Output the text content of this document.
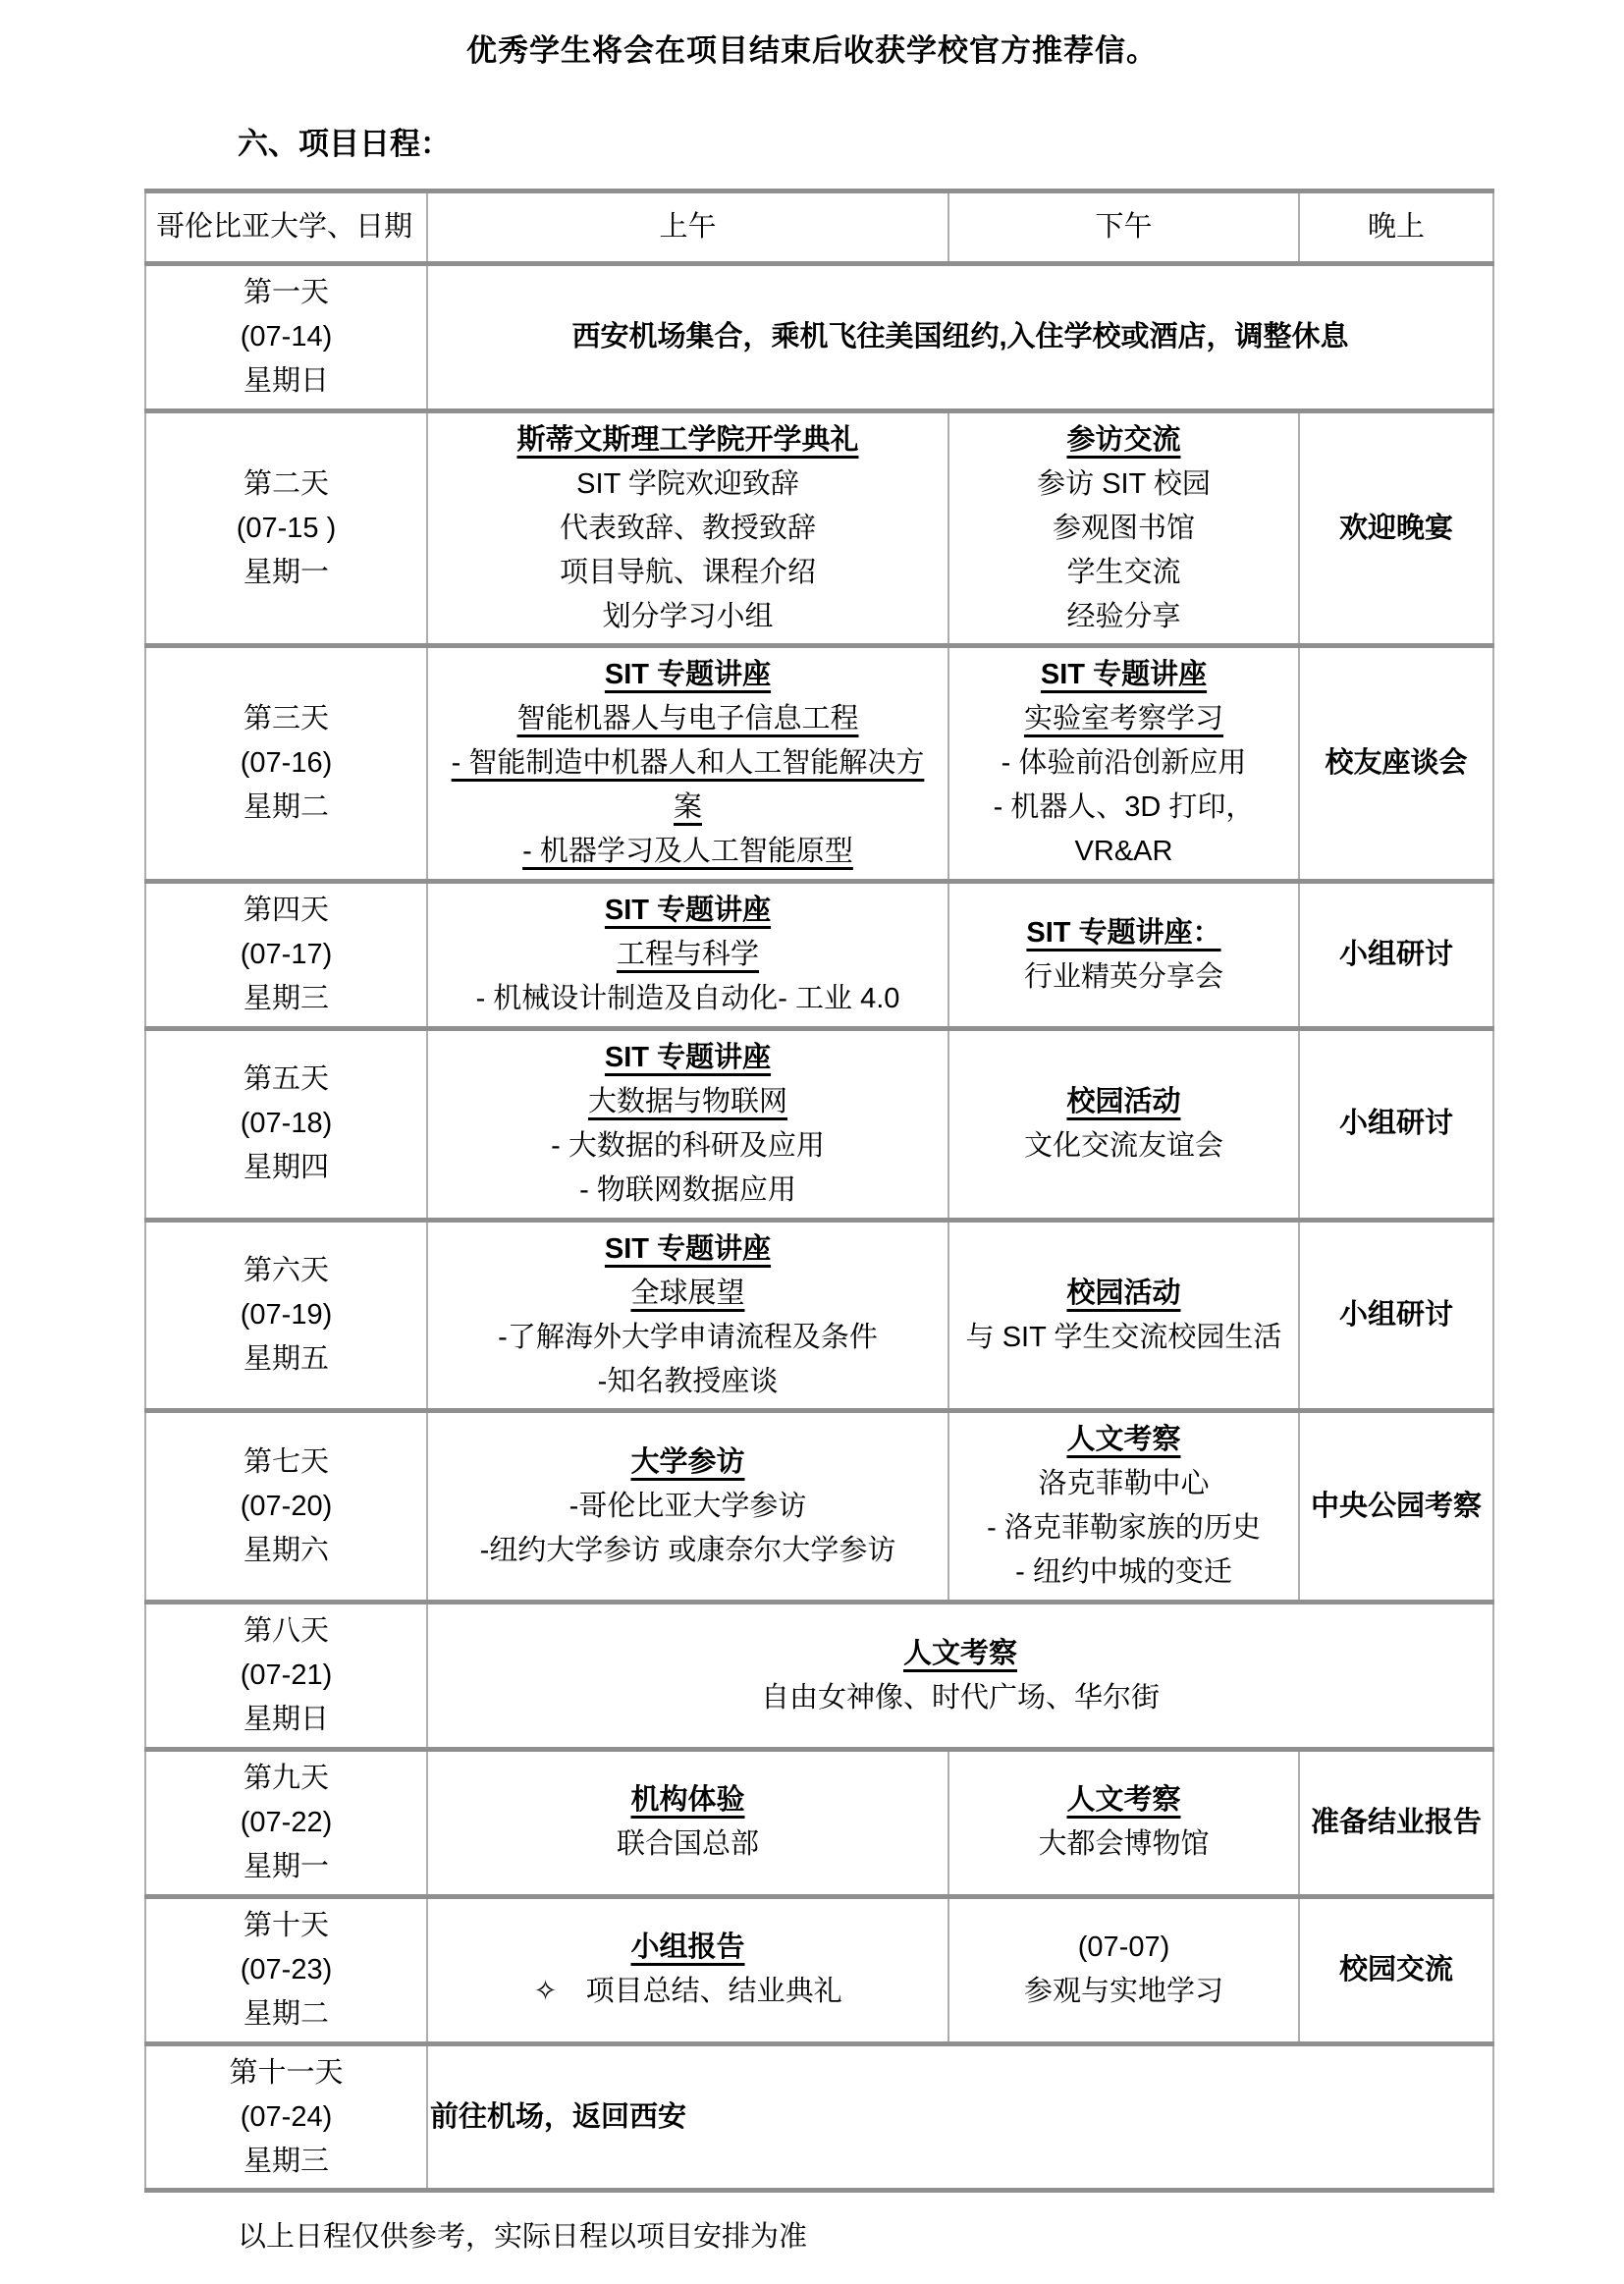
优秀学生将会在项目结束后收获学校官方推荐信。
六、项目日程：
哥伦比亚大学、日期	上午	下午	晚上

第一天
(07-14)
星期日	西安机场集合，乘机飞往美国纽约,入住学校或酒店，调整休息		

第二天
(07-15 )
星期一	斯蒂文斯理工学院开学典礼
SIT 学院欢迎致辞
代表致辞、教授致辞
项目导航、课程介绍
划分学习小组	参访交流
参访 SIT 校园
参观图书馆
学生交流
经验分享	欢迎晚宴

第三天
(07-16)
星期二	SIT 专题讲座
智能机器人与电子信息工程
- 智能制造中机器人和人工智能解决方
案
- 机器学习及人工智能原型	SIT 专题讲座
实验室考察学习
- 体验前沿创新应用
- 机器人、3D 打印，
VR&AR	校友座谈会

第四天
(07-17)
星期三	SIT 专题讲座
工程与科学
- 机械设计制造及自动化- 工业 4.0	SIT 专题讲座：
行业精英分享会	小组研讨

第五天
(07-18)
星期四	SIT 专题讲座
大数据与物联网
- 大数据的科研及应用
- 物联网数据应用	校园活动
文化交流友谊会	小组研讨

第六天
(07-19)
星期五	SIT 专题讲座
全球展望
-了解海外大学申请流程及条件
-知名教授座谈	校园活动
与 SIT 学生交流校园生活	小组研讨

第七天
(07-20)
星期六	大学参访
-哥伦比亚大学参访
-纽约大学参访 或康奈尔大学参访	人文考察
洛克菲勒中心
- 洛克菲勒家族的历史
- 纽约中城的变迁	中央公园考察

第八天
(07-21)
星期日	人文考察
自由女神像、时代广场、华尔街		

第九天
(07-22)
星期一	机构体验
联合国总部	人文考察
大都会博物馆	准备结业报告

第十天
(07-23)
星期二	小组报告
✧　项目总结、结业典礼	(07-07)
参观与实地学习	校园交流

第十一天
(07-24)
星期三	前往机场，返回西安		
以上日程仅供参考，实际日程以项目安排为准
